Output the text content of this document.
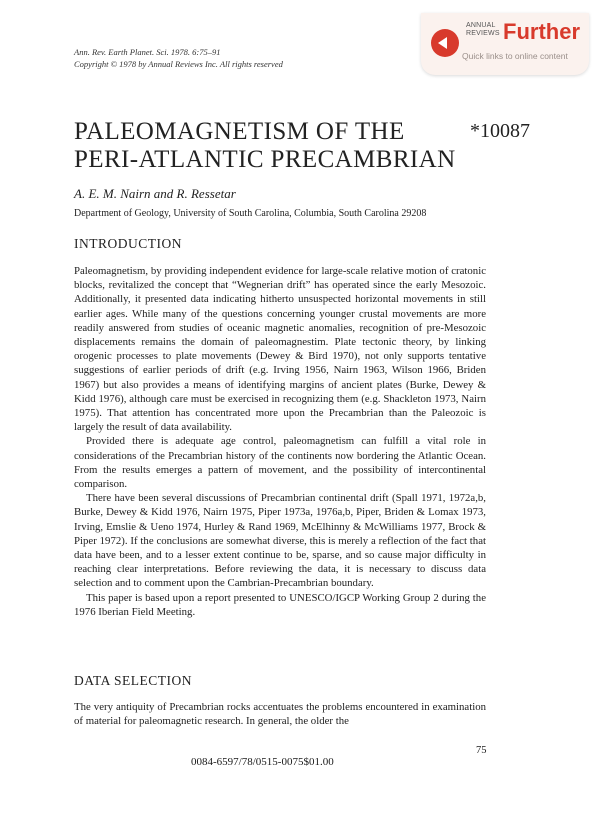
Ann. Rev. Earth Planet. Sci. 1978. 6:75–91
Copyright © 1978 by Annual Reviews Inc. All rights reserved
ANNUAL
REVIEWS Further
Quick links to online content
PALEOMAGNETISM OF THE
PERI-ATLANTIC PRECAMBRIAN
*10087
A. E. M. Nairn and R. Ressetar
Department of Geology, University of South Carolina, Columbia, South Carolina 29208
INTRODUCTION

Paleomagnetism, by providing independent evidence for large-scale relative motion of cratonic blocks, revitalized the concept that “Wegnerian drift” has operated since the early Mesozoic. Additionally, it presented data indicating hitherto unsuspected horizontal movements in still earlier ages. While many of the questions concerning younger crustal movements are more readily answered from studies of oceanic magnetic anomalies, recognition of pre-Mesozoic displacements remains the domain of paleomagnestim. Plate tectonic theory, by linking orogenic processes to plate movements (Dewey & Bird 1970), not only supports tentative suggestions of earlier periods of drift (e.g. Irving 1956, Nairn 1963, Wilson 1966, Briden 1967) but also provides a means of identifying margins of ancient plates (Burke, Dewey & Kidd 1976), although care must be exercised in recognizing them (e.g. Shackleton 1973, Nairn 1975). That attention has concentrated more upon the Precambrian than the Paleozoic is largely the result of data availability.

Provided there is adequate age control, paleomagnetism can fulfill a vital role in considerations of the Precambrian history of the continents now bordering the Atlantic Ocean. From the results emerges a pattern of movement, and the possibility of intercontinental comparison.

There have been several discussions of Precambrian continental drift (Spall 1971, 1972a,b, Burke, Dewey & Kidd 1976, Nairn 1975, Piper 1973a, 1976a,b, Piper, Briden & Lomax 1973, Irving, Emslie & Ueno 1974, Hurley & Rand 1969, McElhinny & McWilliams 1977, Brock & Piper 1972). If the conclusions are somewhat diverse, this is merely a reflection of the fact that data have been, and to a lesser extent continue to be, sparse, and so cause major difficulty in reaching clear interpretations. Before reviewing the data, it is necessary to discuss data selection and to comment upon the Cambrian-Precambrian boundary.

This paper is based upon a report presented to UNESCO/IGCP Working Group 2 during the 1976 Iberian Field Meeting.

DATA SELECTION

The very antiquity of Precambrian rocks accentuates the problems encountered in examination of material for paleomagnetic research. In general, the older the

75
0084-6597/78/0515-0075$01.00
